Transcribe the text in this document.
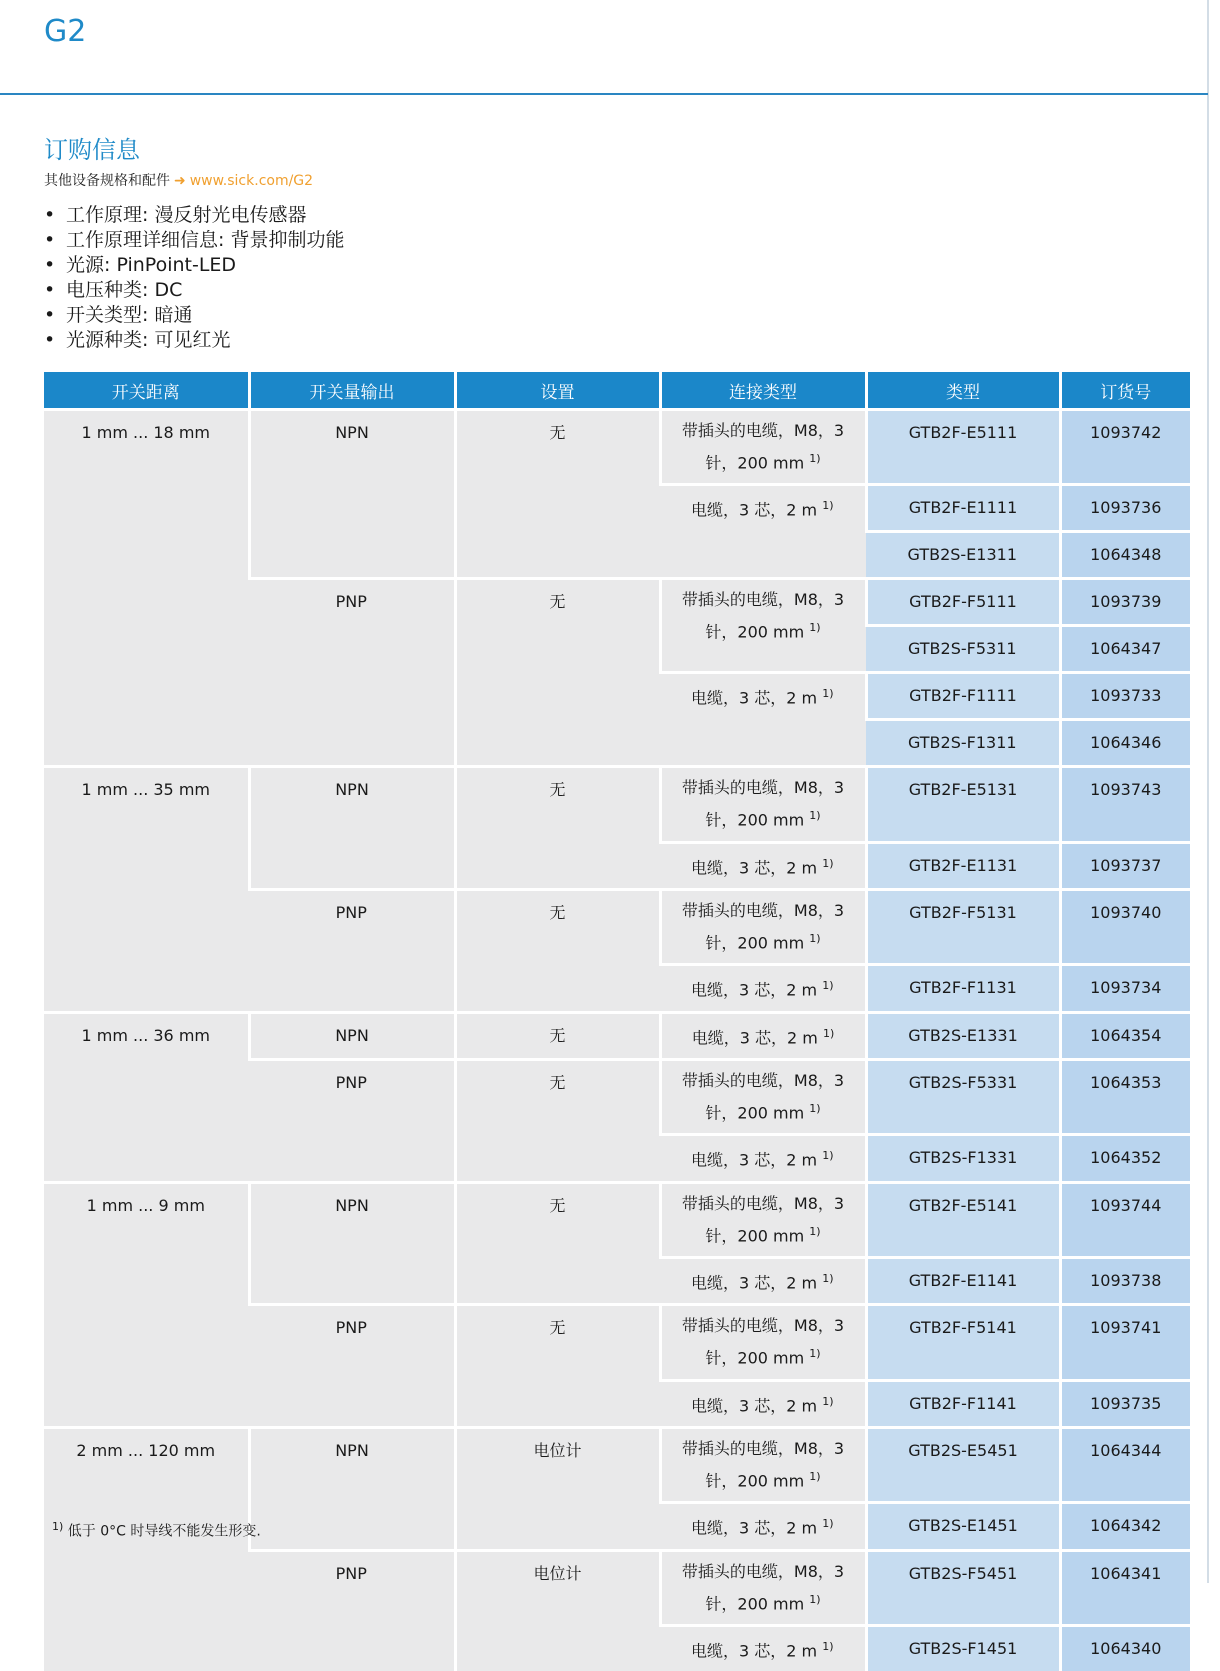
G2
订购信息
其他设备规格和配件 ➜ www.sick.com/G2
• 工作原理: 漫反射光电传感器
• 工作原理详细信息: 背景抑制功能
• 光源: PinPoint-LED
• 电压种类: DC
• 开关类型: 暗通
• 光源种类: 可见红光
开关距离	开关量输出	设置	连接类型	类型	订货号
1 mm ... 18 mm	NPN	无	带插头的电缆，M8，3 针，200 mm $^{1)}$	GTB2F-E5111	1093742
			电缆，3 芯，2 m $^{1)}$	GTB2F-E1111	1093736
				GTB2S-E1311	1064348
	PNP	无	带插头的电缆，M8，3 针，200 mm $^{1)}$	GTB2F-F5111	1093739
				GTB2S-F5311	1064347
			电缆，3 芯，2 m $^{1)}$	GTB2F-F1111	1093733
				GTB2S-F1311	1064346
1 mm ... 35 mm	NPN	无	带插头的电缆，M8，3 针，200 mm $^{1)}$	GTB2F-E5131	1093743
			电缆，3 芯，2 m $^{1)}$	GTB2F-E1131	1093737
	PNP	无	带插头的电缆，M8，3 针，200 mm $^{1)}$	GTB2F-F5131	1093740
			电缆，3 芯，2 m $^{1)}$	GTB2F-F1131	1093734
1 mm ... 36 mm	NPN	无	电缆，3 芯，2 m $^{1)}$	GTB2S-E1331	1064354
	PNP	无	带插头的电缆，M8，3 针，200 mm $^{1)}$	GTB2S-F5331	1064353
			电缆，3 芯，2 m $^{1)}$	GTB2S-F1331	1064352
1 mm ... 9 mm	NPN	无	带插头的电缆，M8，3 针，200 mm $^{1)}$	GTB2F-E5141	1093744
			电缆，3 芯，2 m $^{1)}$	GTB2F-E1141	1093738
	PNP	无	带插头的电缆，M8，3 针，200 mm $^{1)}$	GTB2F-F5141	1093741
			电缆，3 芯，2 m $^{1)}$	GTB2F-F1141	1093735
2 mm ... 120 mm	NPN	电位计	带插头的电缆，M8，3 针，200 mm $^{1)}$	GTB2S-E5451	1064344
			电缆，3 芯，2 m $^{1)}$	GTB2S-E1451	1064342
	PNP	电位计	带插头的电缆，M8，3 针，200 mm $^{1)}$	GTB2S-F5451	1064341
			电缆，3 芯，2 m $^{1)}$	GTB2S-F1451	1064340
$^{1)}$ 低于 0°C 时导线不能发生形变.
